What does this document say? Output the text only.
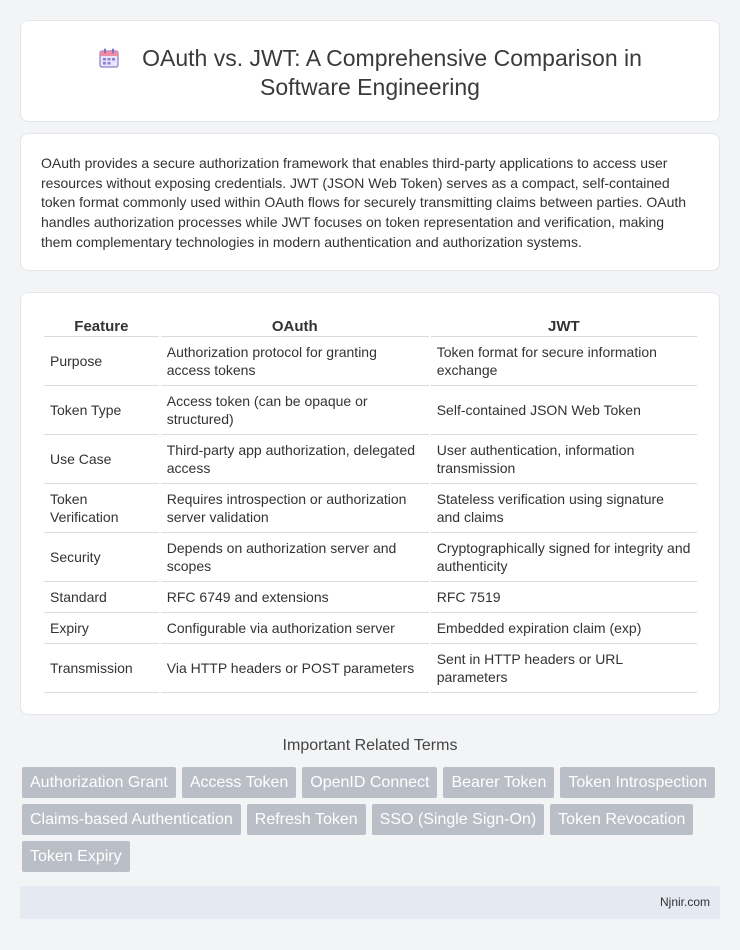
OAuth vs. JWT: A Comprehensive Comparison in Software Engineering

OAuth provides a secure authorization framework that enables third-party applications to access user resources without exposing credentials. JWT (JSON Web Token) serves as a compact, self-contained token format commonly used within OAuth flows for securely transmitting claims between parties. OAuth handles authorization processes while JWT focuses on token representation and verification, making them complementary technologies in modern authentication and authorization systems.

Feature	OAuth	JWT
Purpose	Authorization protocol for granting access tokens	Token format for secure information exchange
Token Type	Access token (can be opaque or structured)	Self-contained JSON Web Token
Use Case	Third-party app authorization, delegated access	User authentication, information transmission
Token Verification	Requires introspection or authorization server validation	Stateless verification using signature and claims
Security	Depends on authorization server and scopes	Cryptographically signed for integrity and authenticity
Standard	RFC 6749 and extensions	RFC 7519
Expiry	Configurable via authorization server	Embedded expiration claim (exp)
Transmission	Via HTTP headers or POST parameters	Sent in HTTP headers or URL parameters
Important Related Terms
Authorization Grant	Access Token	OpenID Connect	Bearer Token	Token Introspection
Claims-based Authentication	Refresh Token	SSO (Single Sign-On)	Token Revocation
Token Expiry
Njnir.com
